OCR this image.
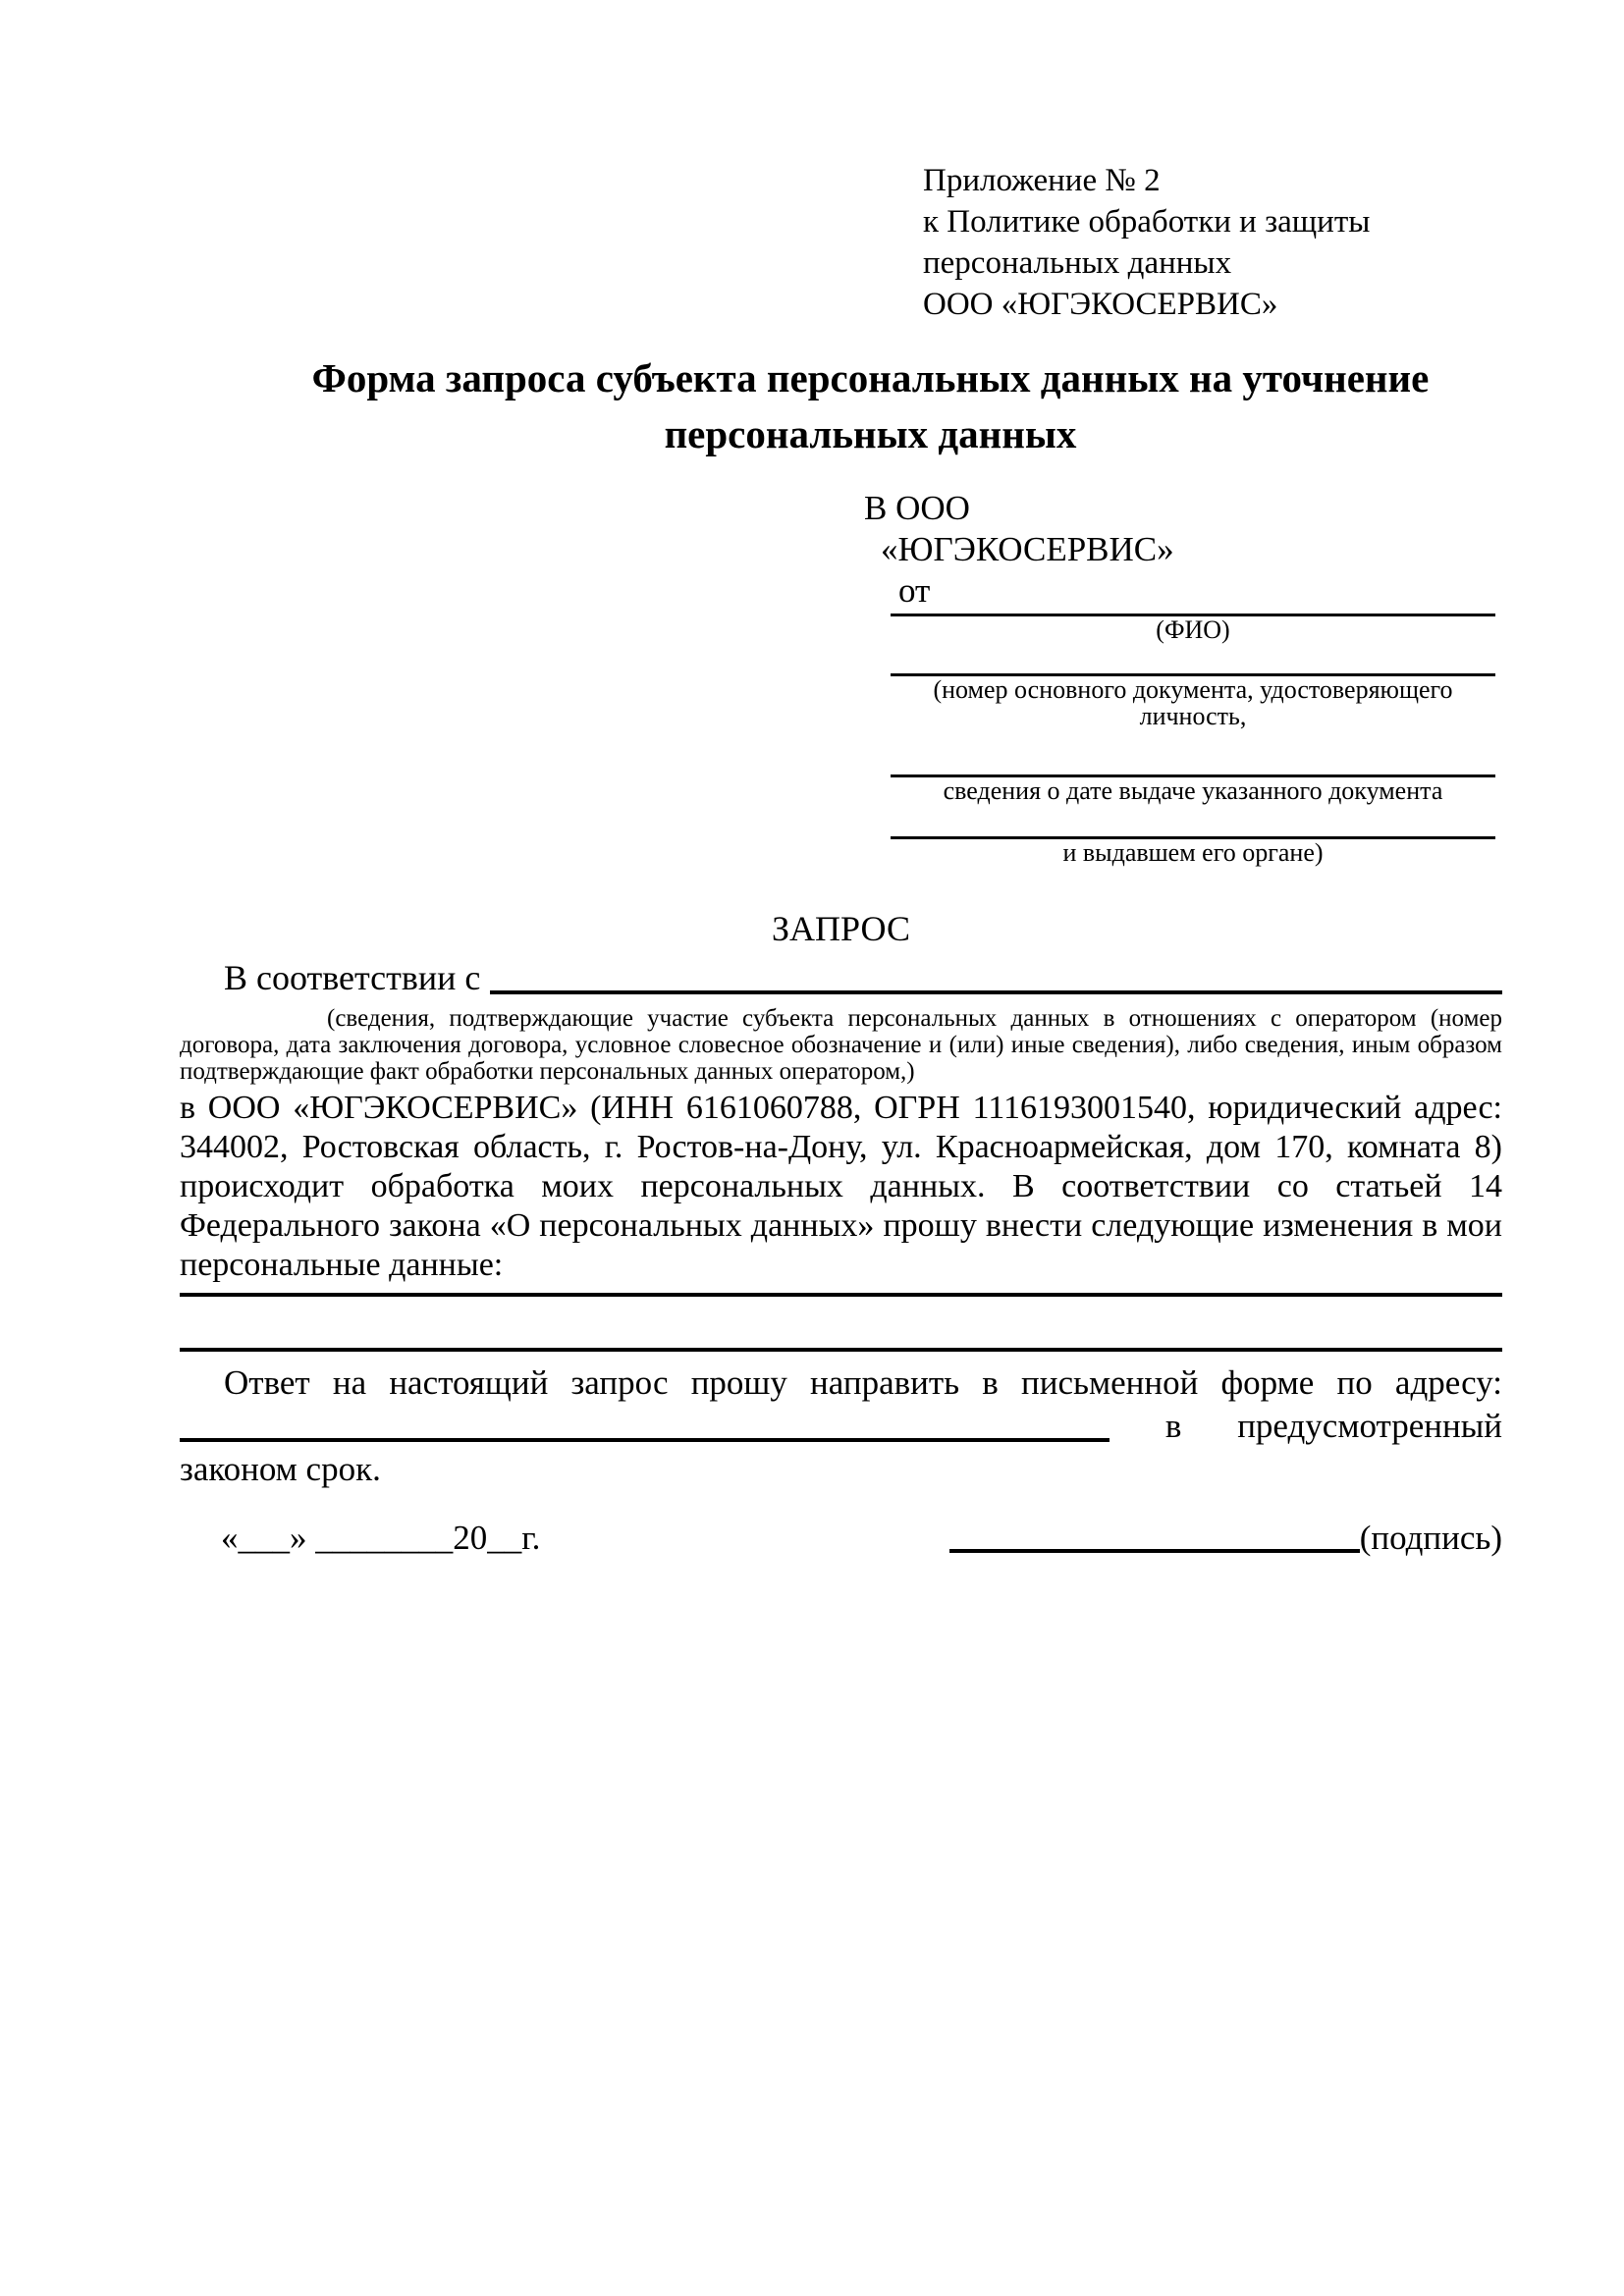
Приложение № 2
к Политике обработки и защиты персональных данных
ООО «ЮГЭКОСЕРВИС»
Форма запроса субъекта персональных данных на уточнение персональных данных
В ООО
«ЮГЭКОСЕРВИС»
от
(ФИО)
(номер основного документа, удостоверяющего личность,
сведения о дате выдаче указанного документа
и выдавшем его органе)
ЗАПРОС
В соответствии с
(сведения, подтверждающие участие субъекта персональных данных в отношениях с оператором (номер договора, дата заключения договора, условное словесное обозначение и (или) иные сведения), либо сведения, иным образом подтверждающие факт обработки персональных данных оператором,)
в ООО «ЮГЭКОСЕРВИС» (ИНН 6161060788, ОГРН 1116193001540, юридический адрес: 344002, Ростовская область, г. Ростов-на-Дону, ул. Красноармейская, дом 170, комната 8) происходит обработка моих персональных данных. В соответствии со статьей 14 Федерального закона «О персональных данных» прошу внести следующие изменения в мои персональные данные:
Ответ на настоящий запрос прошу направить в письменной форме по адресу:
в предусмотренный
законом срок.
«___» ________20__г.	(подпись)
